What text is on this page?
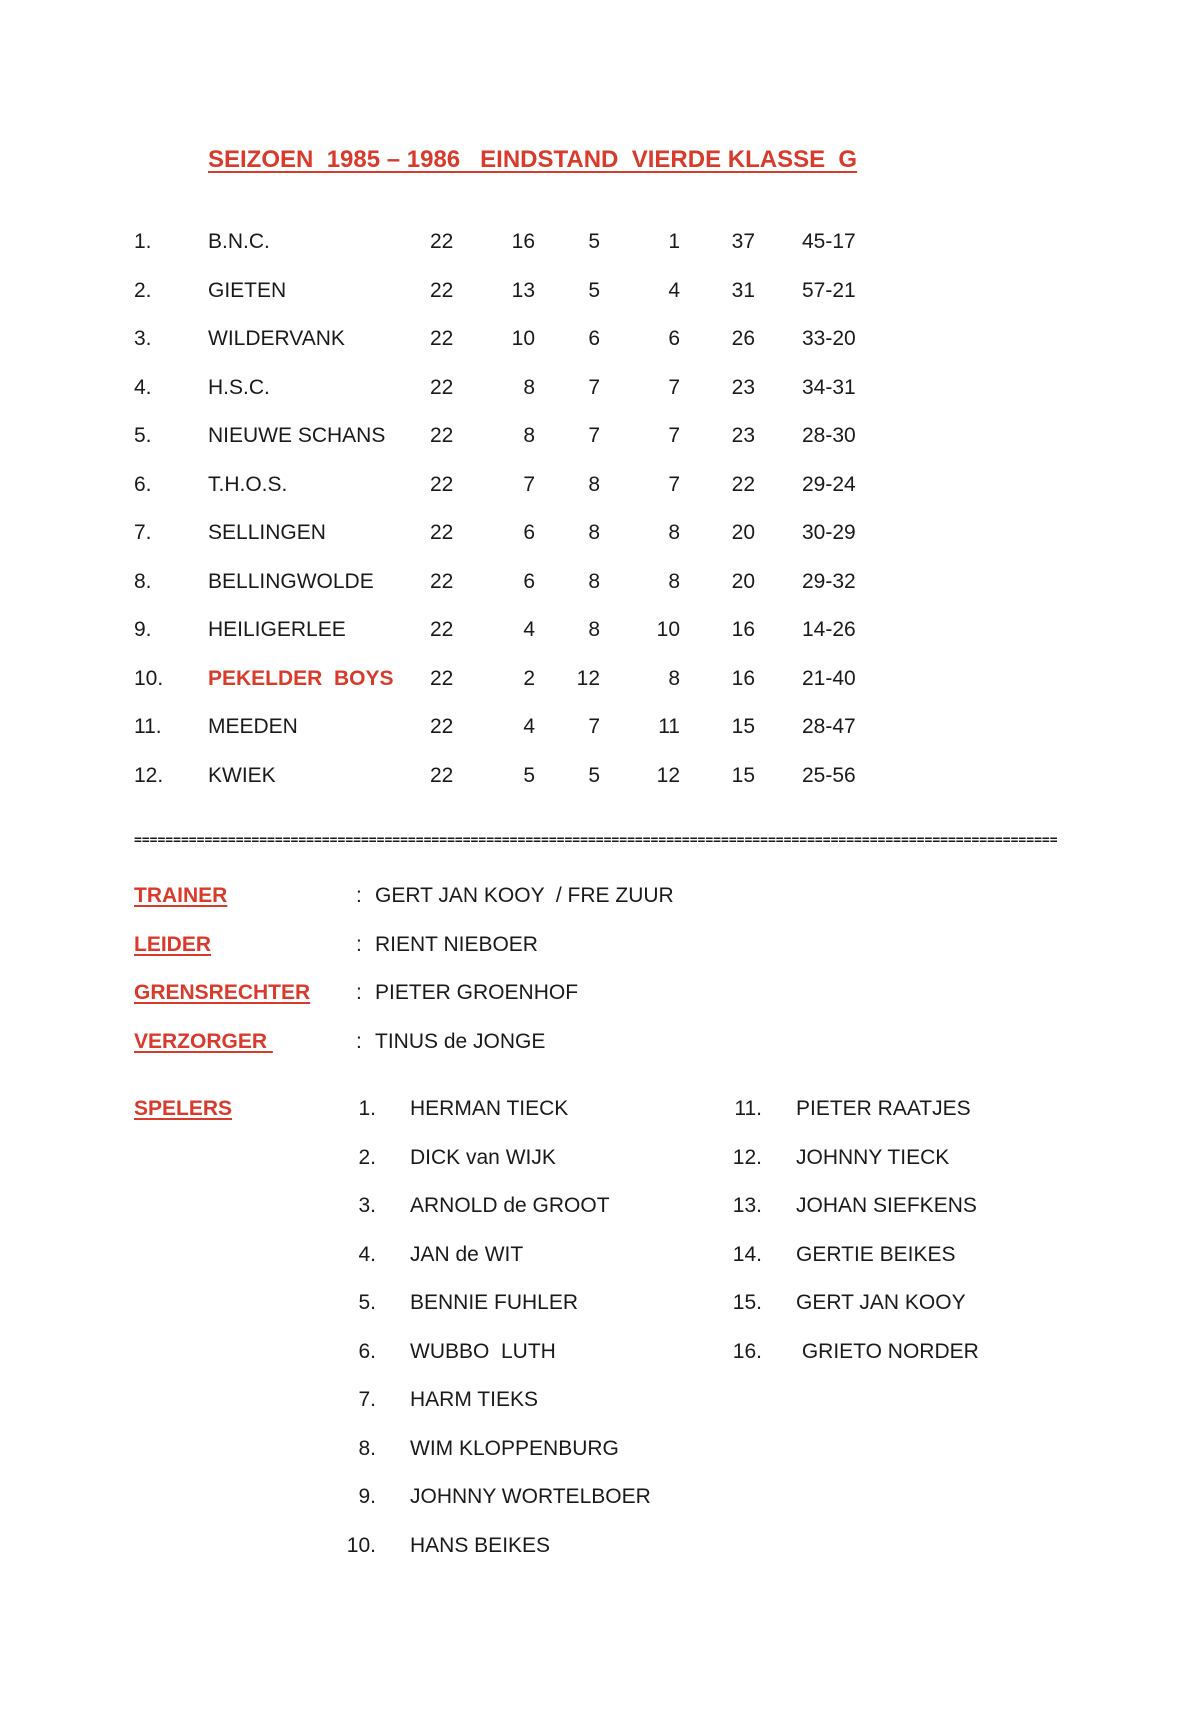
SEIZOEN  1985 – 1986   EINDSTAND  VIERDE KLASSE  G
1.	B.N.C.	22	16	5	1	37 45-17
2.	GIETEN	22	13	5	4	31 57-21
3.	WILDERVANK	22	10	6	6	26 33-20
4.	H.S.C.	22	8	7	7	23 34-31
5.	NIEUWE SCHANS 22	8	7	7	23 28-30
6.	T.H.O.S.	22	7	8	7	22 29-24
7.	SELLINGEN	22	6	8	8	20 30-29
8.	BELLINGWOLDE	22	6	8	8	20 29-32
9.	HEILIGERLEE	22	4	8	10	16 14-26
10. PEKELDER  BOYS 22	2	12	8	16 21-40
11. MEEDEN	22	4	7	11	15 28-47
12. KWIEK	22	5	5	12	15 25-56
======================================================================================================================
TRAINER	: GERT JAN KOOY  / FRE ZUUR
LEIDER	: RIENT NIEBOER
GRENSRECHTER : PIETER GROENHOF
VERZORGER	: TINUS de JONGE
SPELERS	1. HERMAN TIECK
2. DICK van WIJK
3. ARNOLD de GROOT
4. JAN de WIT
5. BENNIE FUHLER
6. WUBBO  LUTH
7. HARM TIEKS
8. WIM KLOPPENBURG
9. JOHNNY WORTELBOER
10. HANS BEIKES
11. PIETER RAATJES
12. JOHNNY TIECK
13. JOHAN SIEFKENS
14. GERTIE BEIKES
15. GERT JAN KOOY
16. GRIETO NORDER
